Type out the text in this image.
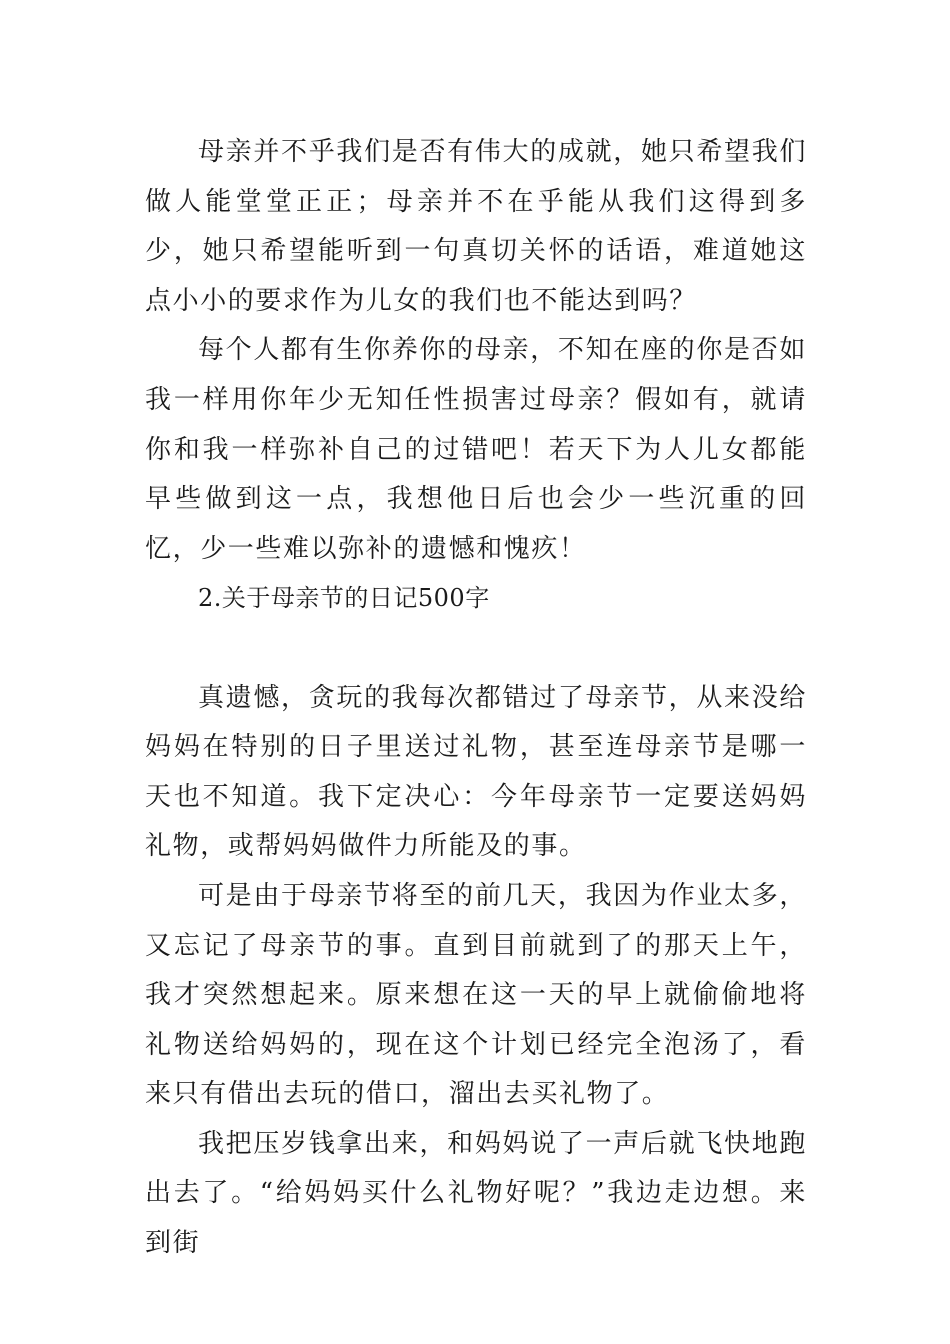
母亲并不乎我们是否有伟大的成就，她只希望我们做人能堂堂正正；母亲并不在乎能从我们这得到多少，她只希望能听到一句真切关怀的话语，难道她这点小小的要求作为儿女的我们也不能达到吗？

每个人都有生你养你的母亲，不知在座的你是否如我一样用你年少无知任性损害过母亲？假如有，就请你和我一样弥补自己的过错吧！若天下为人儿女都能早些做到这一点，我想他日后也会少一些沉重的回忆，少一些难以弥补的遗憾和愧疚！

2.关于母亲节的日记500字

真遗憾，贪玩的我每次都错过了母亲节，从来没给妈妈在特别的日子里送过礼物，甚至连母亲节是哪一天也不知道。我下定决心：今年母亲节一定要送妈妈礼物，或帮妈妈做件力所能及的事。

可是由于母亲节将至的前几天，我因为作业太多，又忘记了母亲节的事。直到目前就到了的那天上午，我才突然想起来。原来想在这一天的早上就偷偷地将礼物送给妈妈的，现在这个计划已经完全泡汤了，看来只有借出去玩的借口，溜出去买礼物了。

我把压岁钱拿出来，和妈妈说了一声后就飞快地跑出去了。“给妈妈买什么礼物好呢？”我边走边想。来到街
